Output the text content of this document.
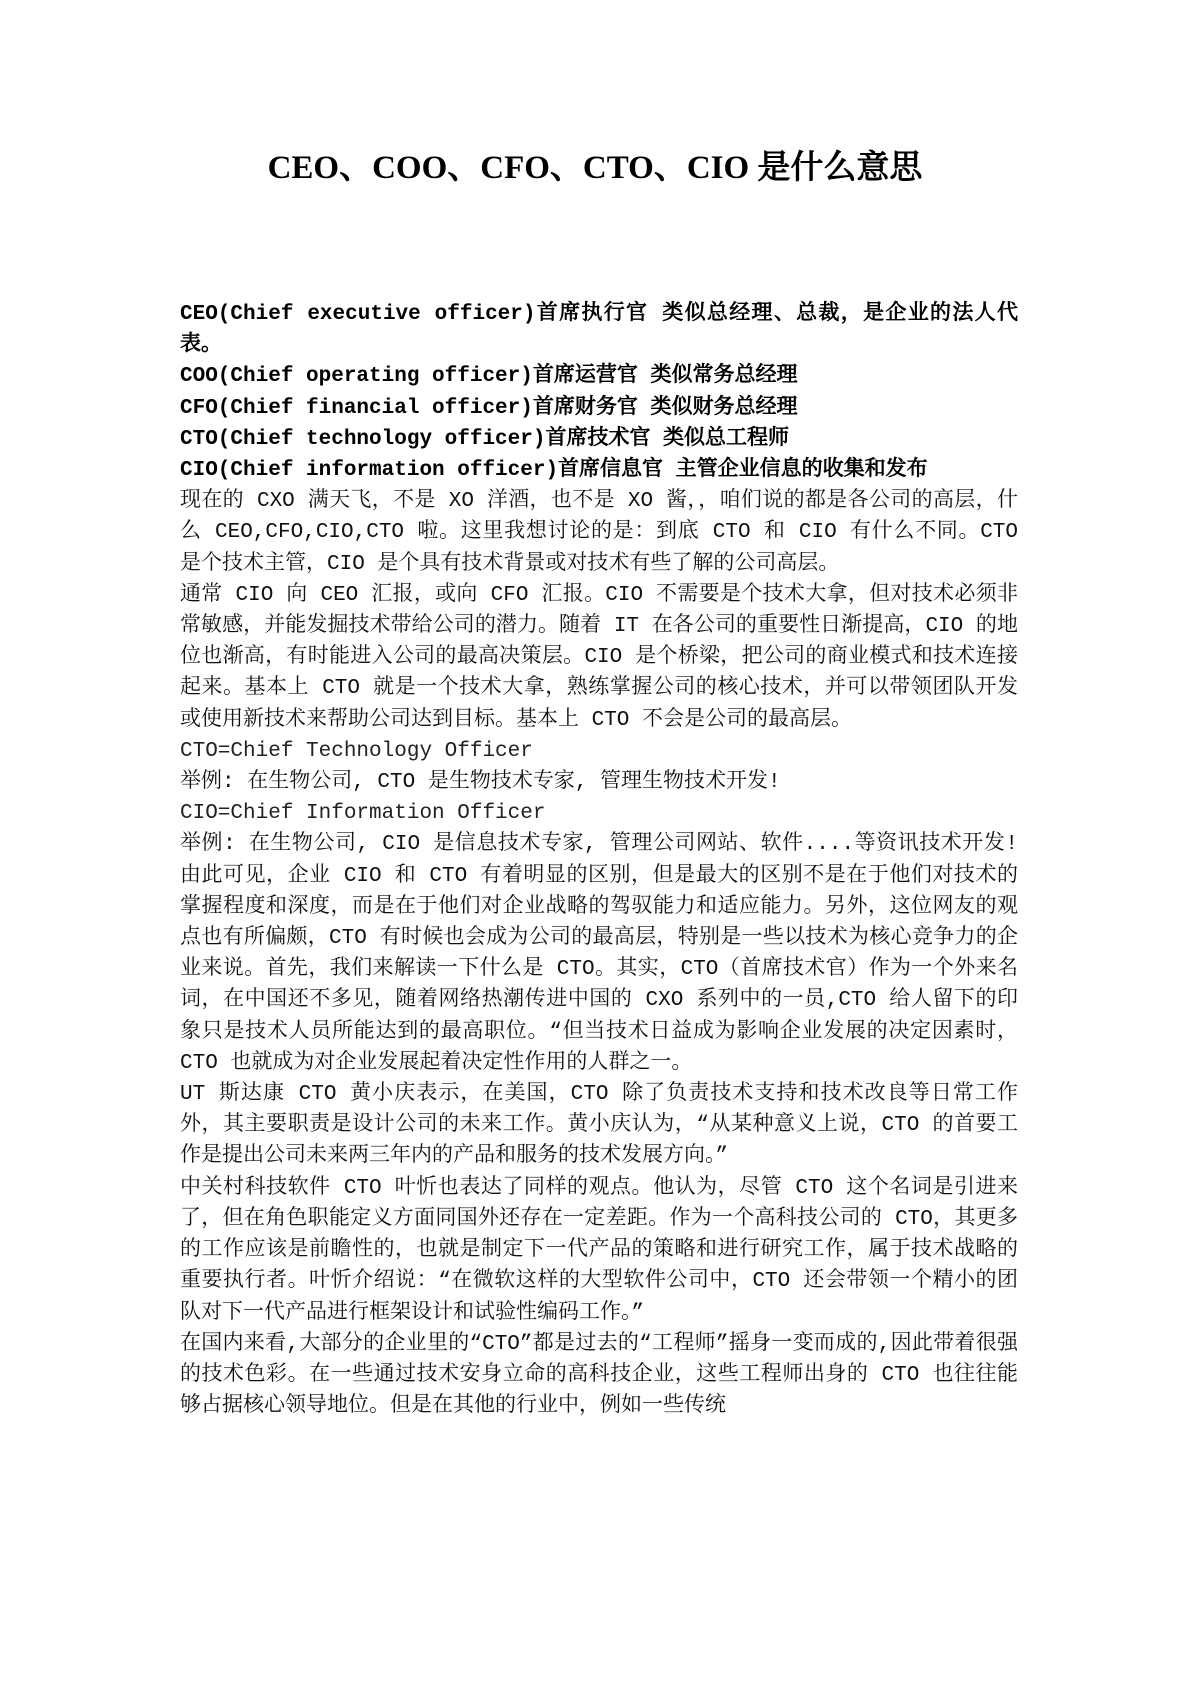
CEO、COO、CFO、CTO、CIO 是什么意思

CEO(Chief executive officer)首席执行官 类似总经理、总裁，是企业的法人代表。

COO(Chief operating officer)首席运营官 类似常务总经理

CFO(Chief financial officer)首席财务官 类似财务总经理

CTO(Chief technology officer)首席技术官 类似总工程师

CIO(Chief information officer)首席信息官 主管企业信息的收集和发布

现在的 CXO 满天飞，不是 XO 洋酒，也不是 XO 酱，，咱们说的都是各公司的高层，什么 CEO,CFO,CIO,CTO 啦。这里我想讨论的是：到底 CTO 和 CIO 有什么不同。CTO 是个技术主管，CIO 是个具有技术背景或对技术有些了解的公司高层。

通常 CIO 向 CEO 汇报，或向 CFO 汇报。CIO 不需要是个技术大拿，但对技术必须非常敏感，并能发掘技术带给公司的潜力。随着 IT 在各公司的重要性日渐提高，CIO 的地位也渐高，有时能进入公司的最高决策层。CIO 是个桥梁，把公司的商业模式和技术连接起来。基本上 CTO 就是一个技术大拿，熟练掌握公司的核心技术，并可以带领团队开发或使用新技术来帮助公司达到目标。基本上 CTO 不会是公司的最高层。

CTO=Chief Technology Officer

举例: 在生物公司, CTO 是生物技术专家, 管理生物技术开发!

CIO=Chief Information Officer

举例: 在生物公司, CIO 是信息技术专家, 管理公司网站、软件....等资讯技术开发!由此可见，企业 CIO 和 CTO 有着明显的区别，但是最大的区别不是在于他们对技术的掌握程度和深度，而是在于他们对企业战略的驾驭能力和适应能力。另外，这位网友的观点也有所偏颇，CTO 有时候也会成为公司的最高层，特别是一些以技术为核心竞争力的企业来说。首先，我们来解读一下什么是 CTO。其实，CTO（首席技术官）作为一个外来名词，在中国还不多见，随着网络热潮传进中国的 CXO 系列中的一员,CTO 给人留下的印象只是技术人员所能达到的最高职位。“但当技术日益成为影响企业发展的决定因素时，CTO 也就成为对企业发展起着决定性作用的人群之一。

UT 斯达康 CTO 黄小庆表示，在美国，CTO 除了负责技术支持和技术改良等日常工作外，其主要职责是设计公司的未来工作。黄小庆认为，“从某种意义上说，CTO 的首要工作是提出公司未来两三年内的产品和服务的技术发展方向。”

中关村科技软件 CTO 叶忻也表达了同样的观点。他认为，尽管 CTO 这个名词是引进来了，但在角色职能定义方面同国外还存在一定差距。作为一个高科技公司的 CTO，其更多的工作应该是前瞻性的，也就是制定下一代产品的策略和进行研究工作，属于技术战略的重要执行者。叶忻介绍说：“在微软这样的大型软件公司中，CTO 还会带领一个精小的团队对下一代产品进行框架设计和试验性编码工作。”

在国内来看,大部分的企业里的“CTO”都是过去的“工程师”摇身一变而成的,因此带着很强的技术色彩。在一些通过技术安身立命的高科技企业，这些工程师出身的 CTO 也往往能够占据核心领导地位。但是在其他的行业中，例如一些传统
